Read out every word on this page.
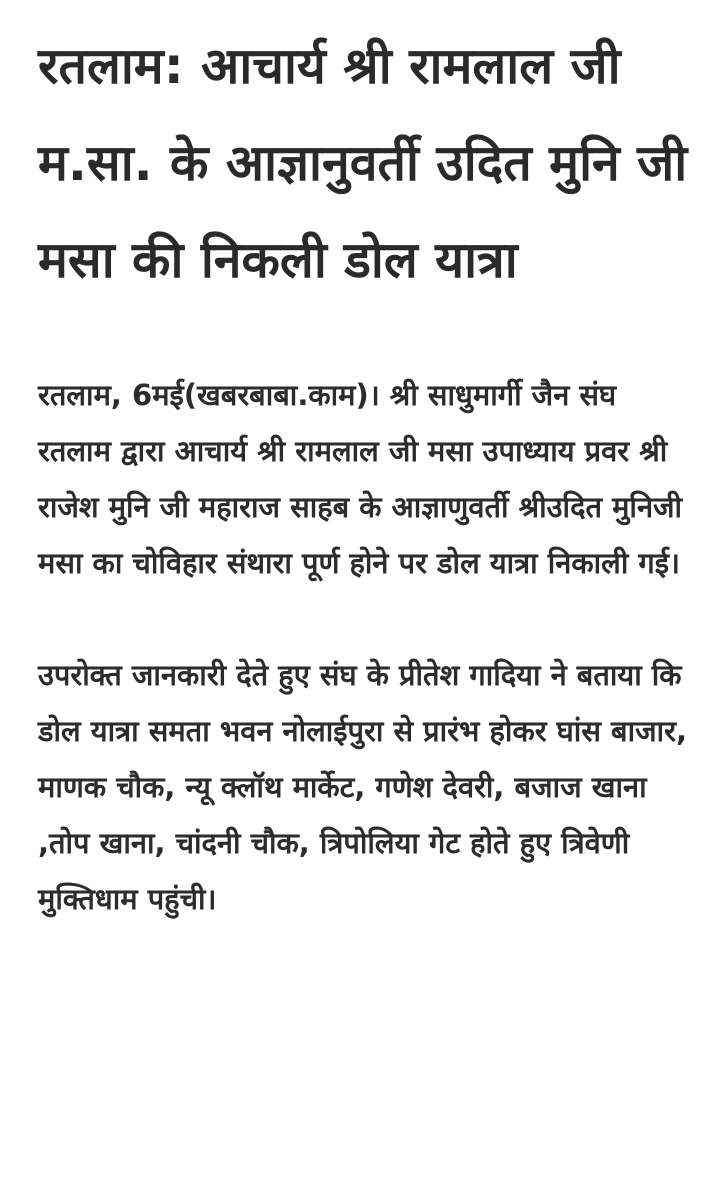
रतलाम: आचार्य श्री रामलाल जी म.सा. के आज्ञानुवर्ती उदित मुनि जी मसा की निकली डोल यात्रा

रतलाम, 6मई(खबरबाबा.काम)। श्री साधुमार्गी जैन संघ रतलाम द्वारा आचार्य श्री रामलाल जी मसा उपाध्याय प्रवर श्री राजेश मुनि जी महाराज साहब के आज्ञाणुवर्ती श्रीउदित मुनिजी मसा का चोविहार संथारा पूर्ण होने पर डोल यात्रा निकाली गई।

उपरोक्त जानकारी देते हुए संघ के प्रीतेश गादिया ने बताया कि डोल यात्रा समता भवन नोलाईपुरा से प्रारंभ होकर घांस बाजार, माणक चौक, न्यू क्लॉथ मार्केट, गणेश देवरी, बजाज खाना ,तोप खाना, चांदनी चौक, त्रिपोलिया गेट होते हुए त्रिवेणी मुक्तिधाम पहुंची।
